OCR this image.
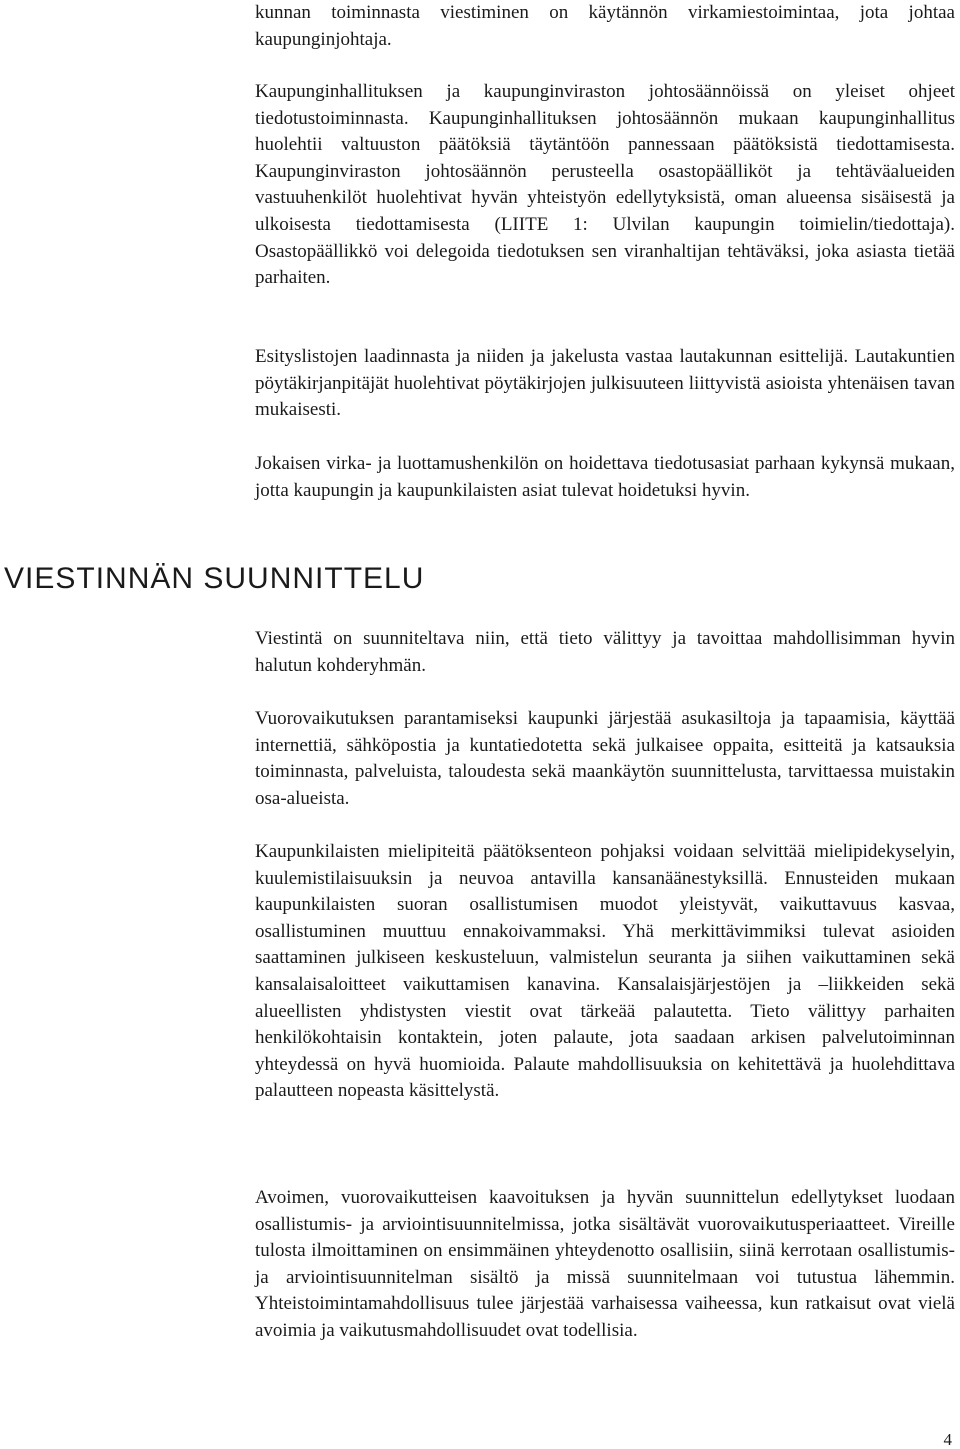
kunnan toiminnasta viestiminen on käytännön virkamiestoimintaa, jota johtaa kaupunginjohtaja.

Kaupunginhallituksen ja kaupunginviraston johtosäännöissä on yleiset ohjeet tiedotustoiminnasta. Kaupunginhallituksen johtosäännön mukaan kaupunginhallitus huolehtii valtuuston päätöksiä täytäntöön pannessaan päätöksistä tiedottamisesta. Kaupunginviraston johtosäännön perusteella osastopäälliköt ja tehtäväalueiden vastuuhenkilöt huolehtivat hyvän yhteistyön edellytyksistä, oman alueensa sisäisestä ja ulkoisesta tiedottamisesta (LIITE 1: Ulvilan kaupungin toimielin/tiedottaja). Osastopäällikkö voi delegoida tiedotuksen sen viranhaltijan tehtäväksi, joka asiasta tietää parhaiten.

Esityslistojen laadinnasta ja niiden ja jakelusta vastaa lautakunnan esittelijä. Lautakuntien pöytäkirjanpitäjät huolehtivat pöytäkirjojen julkisuuteen liittyvistä asioista yhtenäisen tavan mukaisesti.

Jokaisen virka- ja luottamushenkilön on hoidettava tiedotusasiat parhaan kykynsä mukaan, jotta kaupungin ja kaupunkilaisten asiat tulevat hoidetuksi hyvin.

VIESTINNÄN SUUNNITTELU

Viestintä on suunniteltava niin, että tieto välittyy ja tavoittaa mahdollisimman hyvin halutun kohderyhmän.

Vuorovaikutuksen parantamiseksi kaupunki järjestää asukasiltoja ja tapaamisia, käyttää internettiä, sähköpostia ja kuntatiedotetta sekä julkaisee oppaita, esitteitä ja katsauksia toiminnasta, palveluista, taloudesta sekä maankäytön suunnittelusta, tarvittaessa muistakin osa-alueista.

Kaupunkilaisten mielipiteitä päätöksenteon pohjaksi voidaan selvittää mielipidekyselyin, kuulemistilaisuuksin ja neuvoa antavilla kansanäänestyksillä. Ennusteiden mukaan kaupunkilaisten suoran osallistumisen muodot yleistyvät, vaikuttavuus kasvaa, osallistuminen muuttuu ennakoivammaksi. Yhä merkittävimmiksi tulevat asioiden saattaminen julkiseen keskusteluun, valmistelun seuranta ja siihen vaikuttaminen sekä kansalaisaloitteet vaikuttamisen kanavina. Kansalaisjärjestöjen ja –liikkeiden sekä alueellisten yhdistysten viestit ovat tärkeää palautetta. Tieto välittyy parhaiten henkilökohtaisin kontaktein, joten palaute, jota saadaan arkisen palvelutoiminnan yhteydessä on hyvä huomioida. Palaute mahdollisuuksia on kehitettävä ja huolehdittava palautteen nopeasta käsittelystä.

Avoimen, vuorovaikutteisen kaavoituksen ja hyvän suunnittelun edellytykset luodaan osallistumis- ja arviointisuunnitelmissa, jotka sisältävät vuorovaikutusperiaatteet. Vireille tulosta ilmoittaminen on ensimmäinen yhteydenotto osallisiin, siinä kerrotaan osallistumis- ja arviointisuunnitelman sisältö ja missä suunnitelmaan voi tutustua lähemmin. Yhteistoimintamahdollisuus tulee järjestää varhaisessa vaiheessa, kun ratkaisut ovat vielä avoimia ja vaikutusmahdollisuudet ovat todellisia.

4
